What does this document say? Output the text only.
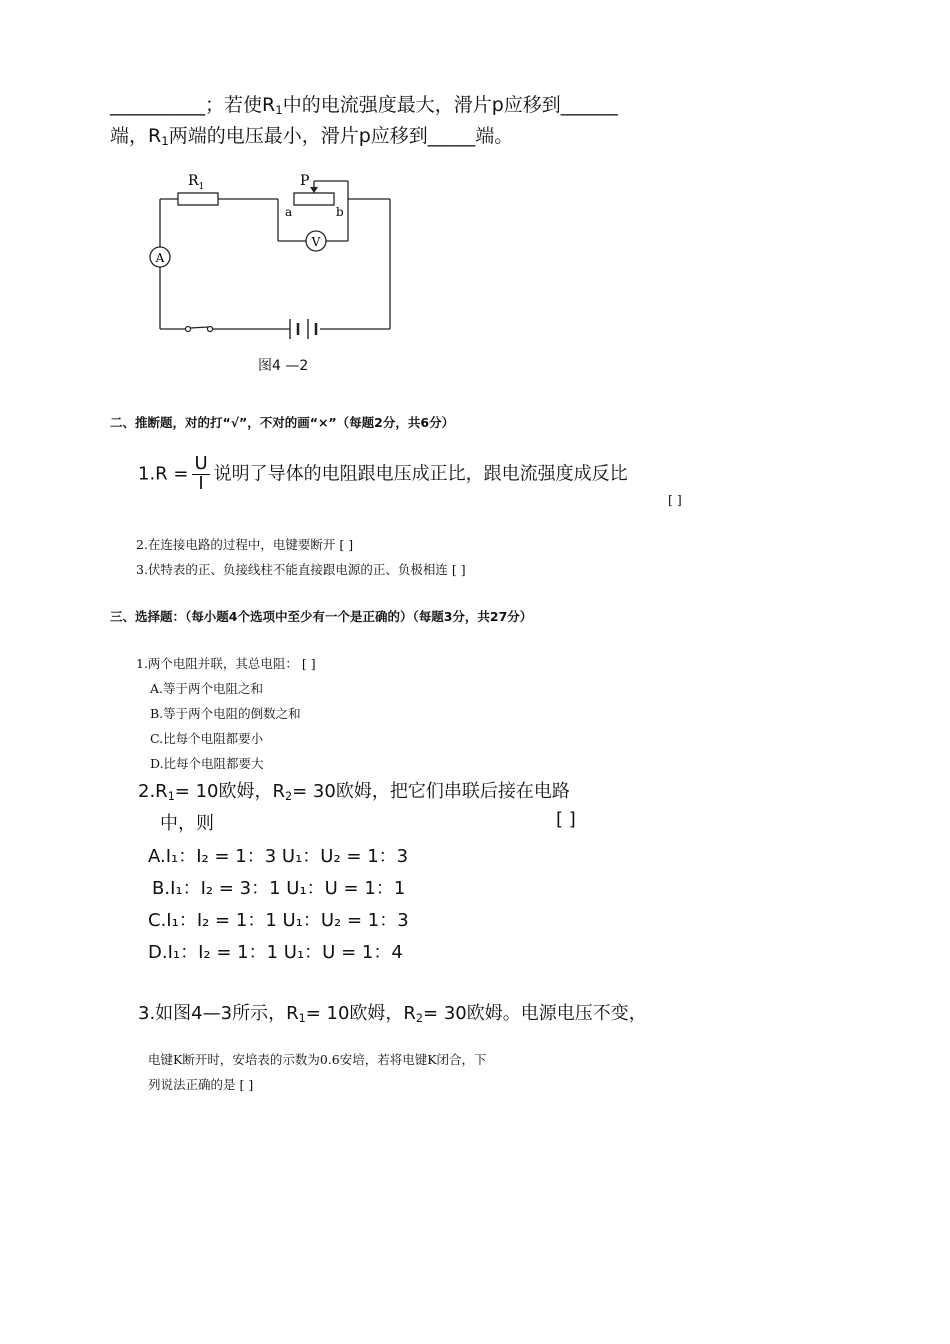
__________；若使$R_1$中的电流强度最大，滑片p应移到______
端，$R_1$两端的电压最小，滑片p应移到_____端。
A
V
$R_1$	P
a	b
图4 —2
二、推断题，对的打“√”，不对的画“×”（每题2分，共6分）
$1.R = \frac{U}{I}$ 说明了导体的电阻跟电压成正比，跟电流强度成反比
[ ]
2.在连接电路的过程中，电键要断开 [ ]
3.伏特表的正、负接线柱不能直接跟电源的正、负极相连 [ ]
三、选择题：（每小题4个选项中至少有一个是正确的）（每题3分，共27分）
1.两个电阻并联，其总电阻： [ ]
A.等于两个电阻之和
B.等于两个电阻的倒数之和
C.比每个电阻都要小
D.比每个电阻都要大
$2.R_1= 10$欧姆，$R_2= 30$欧姆，把它们串联后接在电路
中，则	[ ]
A.I₁：I₂ = 1：3 U₁：U₂ = 1：3
B.I₁：I₂ = 3：1 U₁：U = 1：1
C.I₁：I₂ = 1：1 U₁：U₂ = 1：3
D.I₁：I₂ = 1：1 U₁：U = 1：4
3.如图4—3所示，$R_1= 10$欧姆，$R_2= 30$欧姆。电源电压不变，
电键K断开时，安培表的示数为0.6安培，若将电键K闭合，下
列说法正确的是 [ ]
